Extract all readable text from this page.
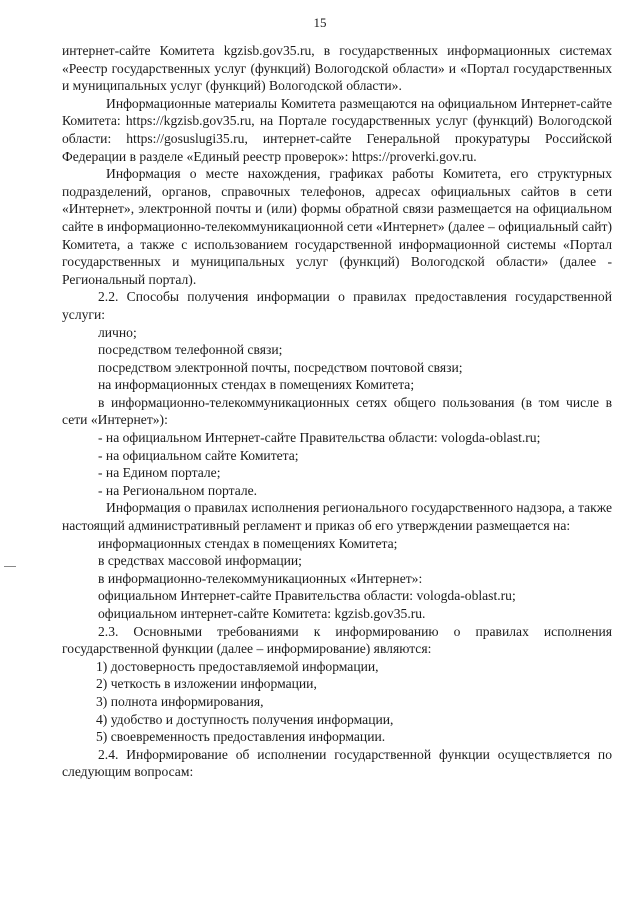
15

интернет-сайте Комитета kgzisb.gov35.ru, в государственных информационных системах «Реестр государственных услуг (функций) Вологодской области» и «Портал государственных и муниципальных услуг (функций) Вологодской области».

Информационные материалы Комитета размещаются на официальном Интернет-сайте Комитета: https://kgzisb.gov35.ru, на Портале государственных услуг (функций) Вологодской области: https://gosuslugi35.ru, интернет-сайте Генеральной прокуратуры Российской Федерации в разделе «Единый реестр проверок»: https://proverki.gov.ru.

Информация о месте нахождения, графиках работы Комитета, его структурных подразделений, органов, справочных телефонов, адресах официальных сайтов в сети «Интернет», электронной почты и (или) формы обратной связи размещается на официальном сайте в информационно-телекоммуникационной сети «Интернет» (далее – официальный сайт) Комитета, а также с использованием государственной информационной системы «Портал государственных и муниципальных услуг (функций) Вологодской области» (далее - Региональный портал).

2.2. Способы получения информации о правилах предоставления государственной услуги:

лично;

посредством телефонной связи;

посредством электронной почты, посредством почтовой связи;

на информационных стендах в помещениях Комитета;

в информационно-телекоммуникационных сетях общего пользования (в том числе в сети «Интернет»):

- на официальном Интернет-сайте Правительства области: vologda-oblast.ru;

- на официальном сайте Комитета;

- на Едином портале;

- на Региональном портале.

Информация о правилах исполнения регионального государственного надзора, а также настоящий административный регламент и приказ об его утверждении размещается на:

информационных стендах в помещениях Комитета;

в средствах массовой информации;

в информационно-телекоммуникационных «Интернет»:

официальном Интернет-сайте Правительства области: vologda-oblast.ru;

официальном интернет-сайте Комитета: kgzisb.gov35.ru.

2.3. Основными требованиями к информированию о правилах исполнения государственной функции (далее – информирование) являются:

1) достоверность предоставляемой информации,

2) четкость в изложении информации,

3) полнота информирования,

4) удобство и доступность получения информации,

5) своевременность предоставления информации.

2.4. Информирование об исполнении государственной функции осуществляется по следующим вопросам:
